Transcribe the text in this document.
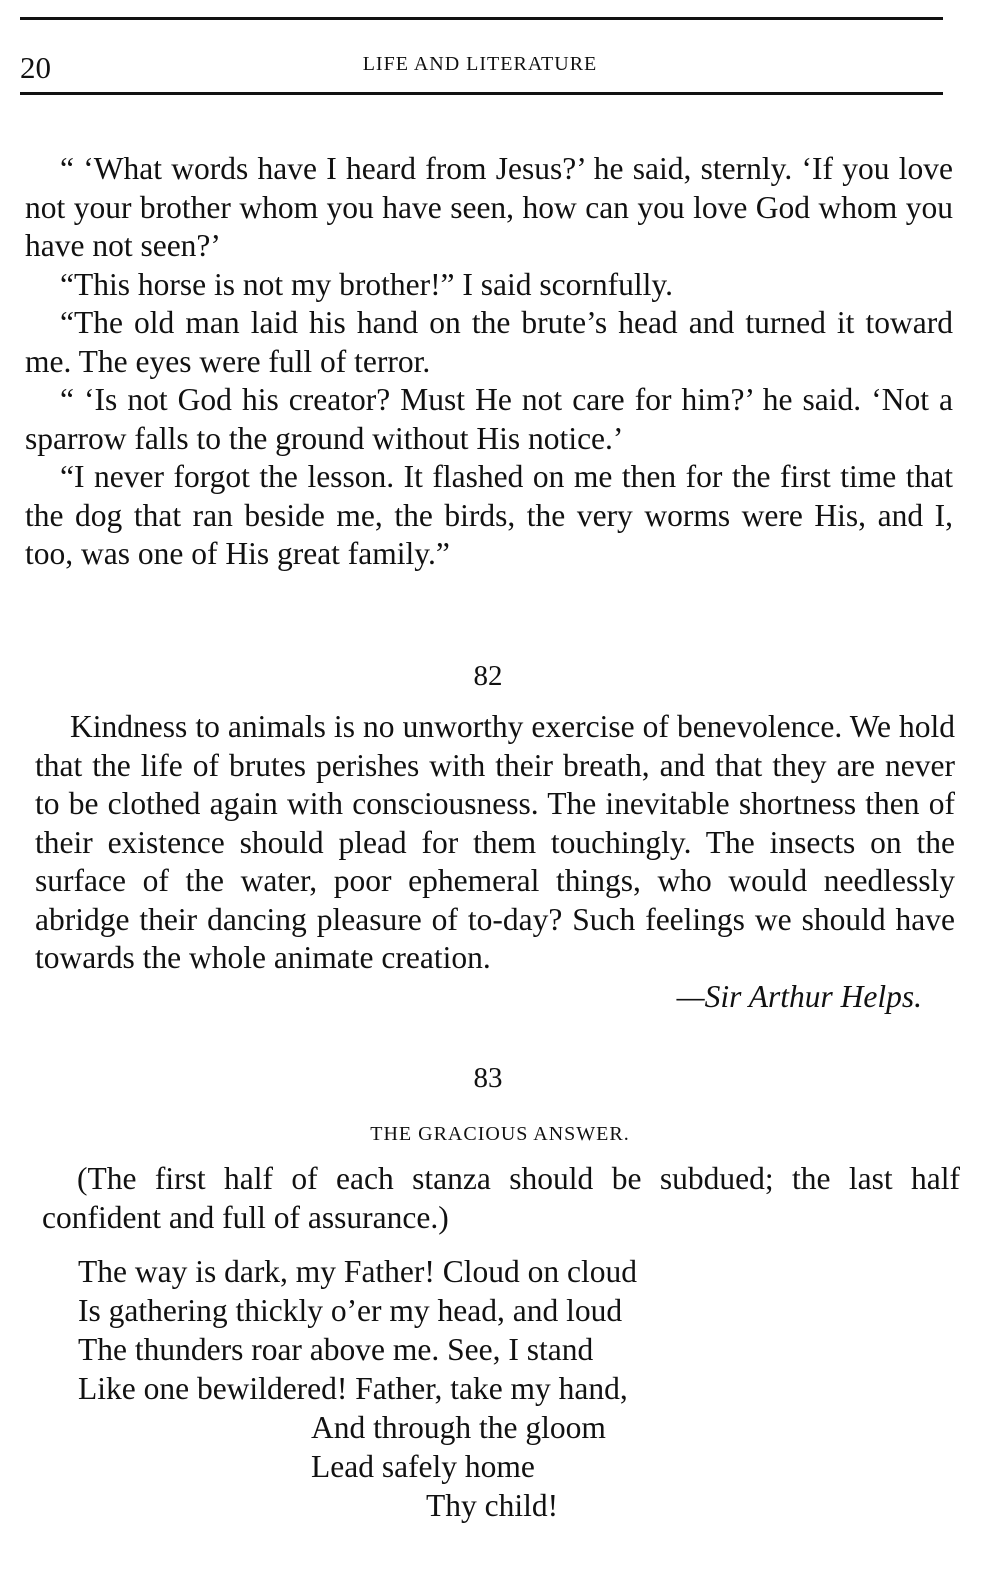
20	LIFE AND LITERATURE

“ ‘What words have I heard from Jesus?’ he said, sternly. ‘If you love not your brother whom you have seen, how can you love God whom you have not seen?’

“This horse is not my brother!” I said scornfully.

“The old man laid his hand on the brute’s head and turned it toward me. The eyes were full of terror.

“ ‘Is not God his creator? Must He not care for him?’ he said. ‘Not a sparrow falls to the ground without His notice.’

“I never forgot the lesson. It flashed on me then for the first time that the dog that ran beside me, the birds, the very worms were His, and I, too, was one of His great family.”

82

Kindness to animals is no unworthy exercise of benevolence. We hold that the life of brutes perishes with their breath, and that they are never to be clothed again with consciousness. The inevitable shortness then of their existence should plead for them touchingly. The insects on the surface of the water, poor ephemeral things, who would needlessly abridge their dancing pleasure of to-day? Such feelings we should have towards the whole animate creation.

—Sir Arthur Helps.

83
THE GRACIOUS ANSWER.

(The first half of each stanza should be subdued; the last half confident and full of assurance.)

The way is dark, my Father! Cloud on cloud

Is gathering thickly o’er my head, and loud

The thunders roar above me. See, I stand

Like one bewildered! Father, take my hand,

And through the gloom

Lead safely home

Thy child!
